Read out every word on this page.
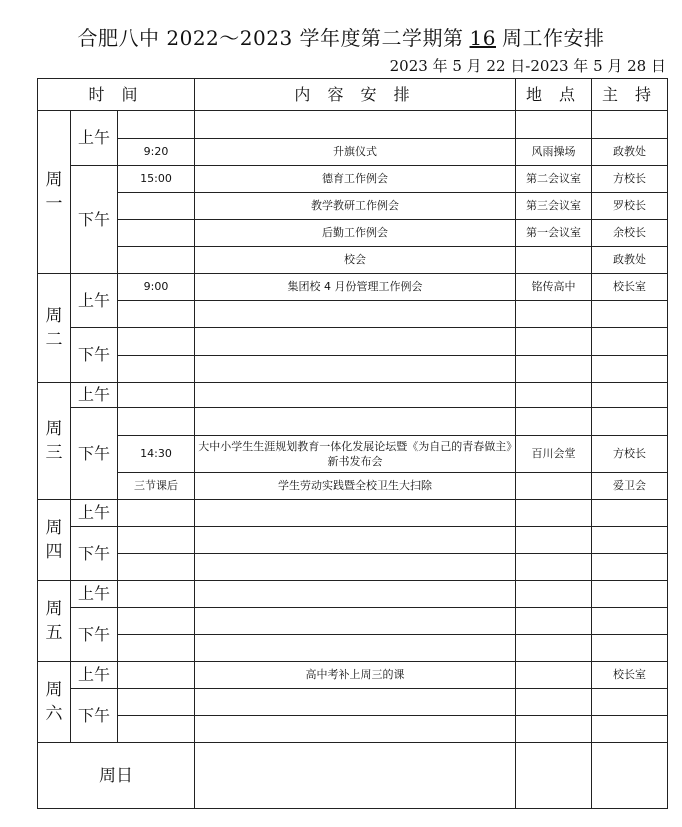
合肥八中 2022～2023 学年度第二学期第 16 周工作安排
2023 年 5 月 22 日-2023 年 5 月 28 日
时 间			内 容 安 排	地 点	主 持
周一	上午				
		9:20	升旗仪式	风雨操场	政教处
	下午	15:00	德育工作例会	第二会议室	方校长
			教学教研工作例会	第三会议室	罗校长
			后勤工作例会	第一会议室	余校长
			校会		政教处
周二	上午	9:00	集团校 4 月份管理工作例会	铭传高中	校长室

	下午				

周三	上午				
	下午				
		14:30	大中小学生生涯规划教育一体化发展论坛暨《为自己的青春做主》新书发布会	百川会堂	方校长
		三节课后	学生劳动实践暨全校卫生大扫除		爱卫会
周四	上午				
	下午				

周五	上午				
	下午				

周六	上午		高中考补上周三的课		校长室
	下午				

周日					
